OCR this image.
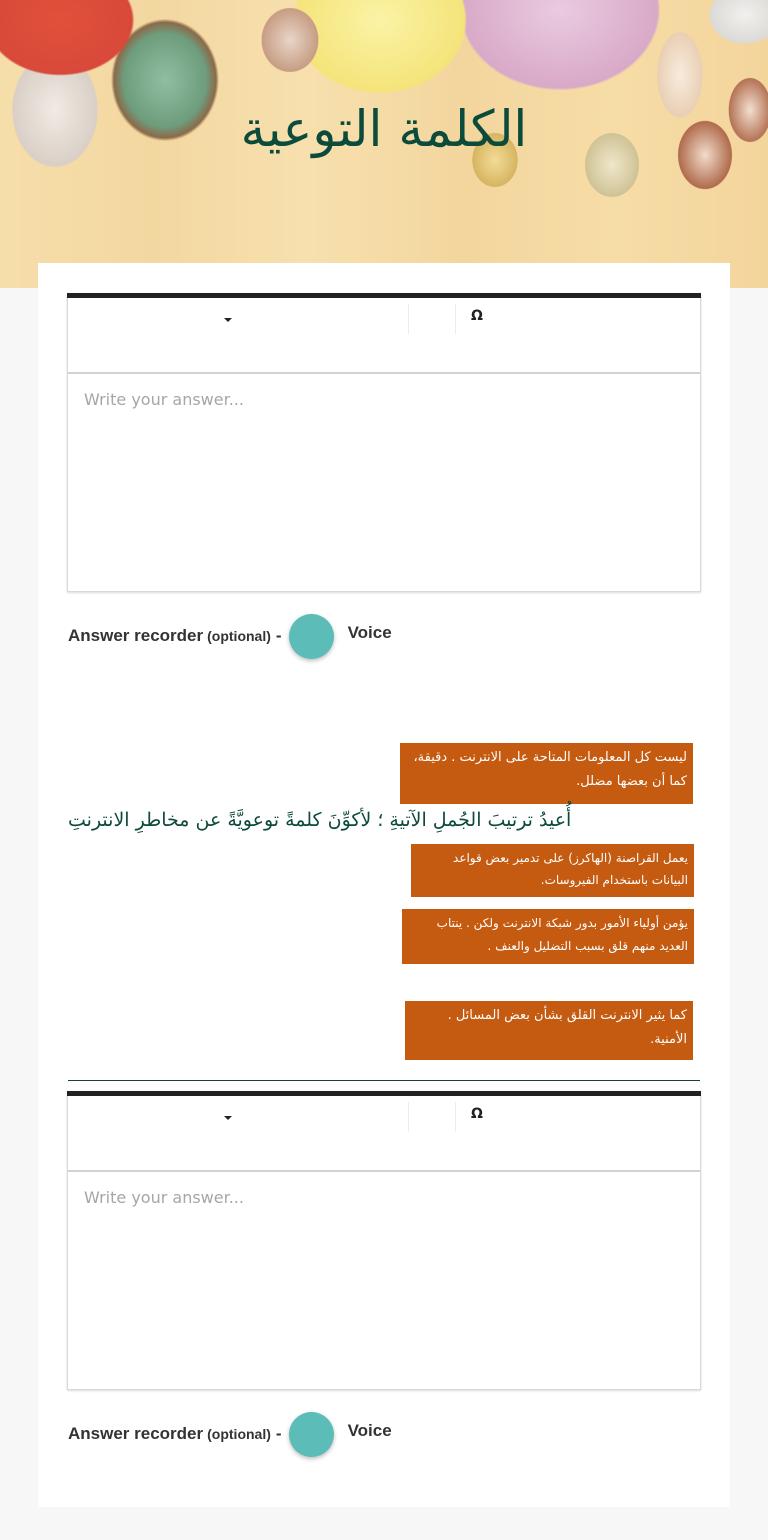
الكلمة التوعية
Ω
Write your answer...
Answer recorder (optional) -	Voice
ليست كل المعلومات المتاحة على الانترنت . دقيقة، كما أن بعضها مضلل.
أُعيدُ ترتيبَ الجُملِ الآتيةِ ؛ لأكوِّنَ كلمةً توعويَّةً عن مخاطرِ الانترنتِ
يعمل القراصنة (الهاكرز) على تدمير بعض قواعد البيانات باستخدام الفيروسات.
يؤمن أولياء الأمور بدور شبكة الانترنت ولكن . ينتاب العديد منهم قلق بسبب التضليل والعنف .
كما يثير الانترنت القلق بشأن بعض المسائل . الأمنية.
Ω
Write your answer...
Answer recorder (optional) -	Voice
